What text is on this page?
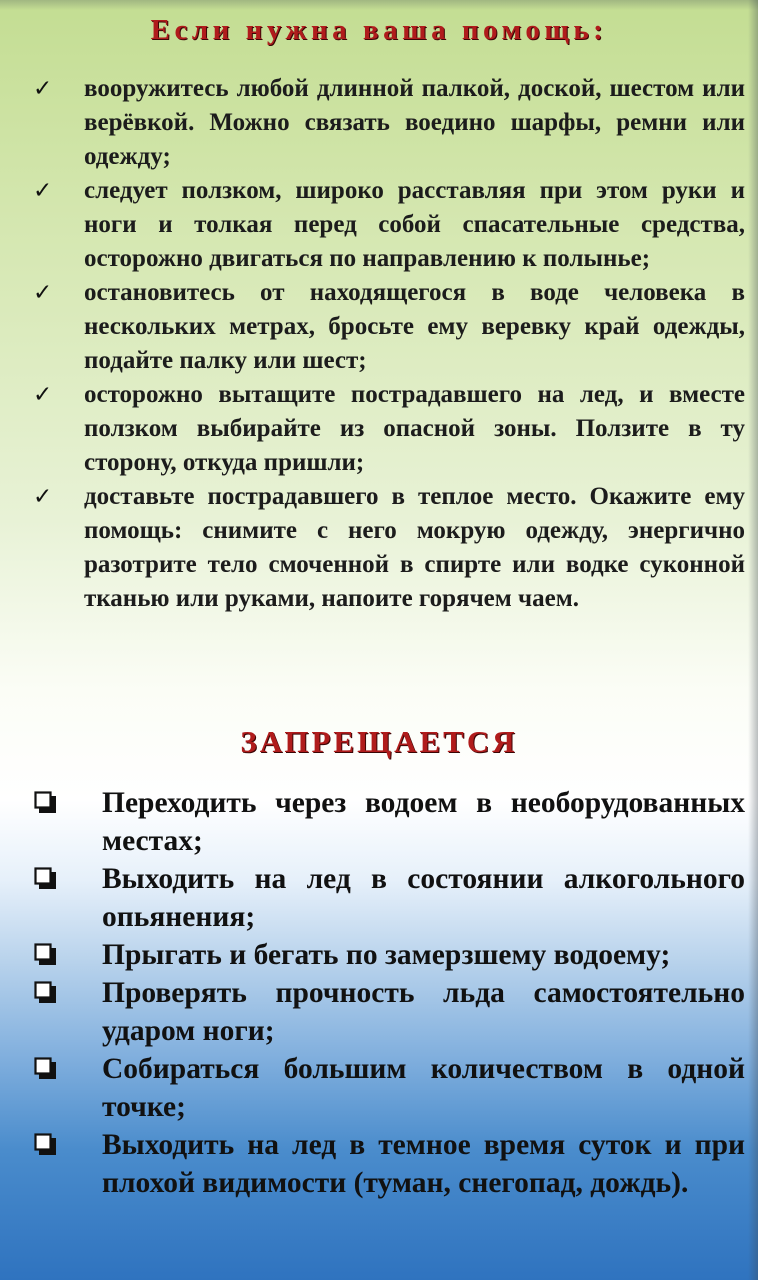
Если нужна ваша помощь:
✓ вооружитесь любой длинной палкой, доской, шестом или верёвкой. Можно связать воедино шарфы, ремни или одежду;
✓ следует ползком, широко расставляя при этом руки и ноги и толкая перед собой спасательные средства, осторожно двигаться по направлению к полынье;
✓ остановитесь от находящегося в воде человека в нескольких метрах, бросьте ему веревку край одежды, подайте палку или шест;
✓ осторожно вытащите пострадавшего на лед, и вместе ползком выбирайте из опасной зоны. Ползите в ту сторону, откуда пришли;
✓ доставьте пострадавшего в теплое место. Окажите ему помощь: снимите с него мокрую одежду, энергично разотрите тело смоченной в спирте или водке суконной тканью или руками, напоите горячем чаем.
ЗАПРЕЩАЕТСЯ
Переходить через водоем в необорудованных местах;
Выходить на лед в состоянии алкогольного опьянения;
Прыгать и бегать по замерзшему водоему;
Проверять прочность льда самостоятельно ударом ноги;
Собираться большим количеством в одной точке;
Выходить на лед в темное время суток и при плохой видимости (туман, снегопад, дождь).
